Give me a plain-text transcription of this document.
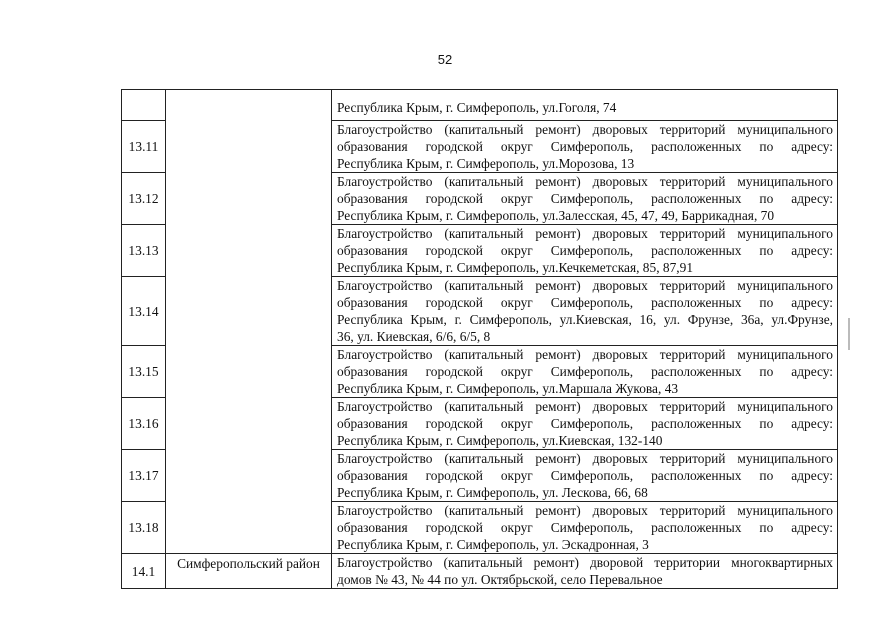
52

		Республика Крым, г. Симферополь, ул.Гоголя, 74

13.11		Благоустройство (капитальный ремонт) дворовых территорий муниципального
образования городской округ Симферополь, расположенных по адресу:
Республика Крым, г. Симферополь, ул.Морозова, 13

13.12		Благоустройство (капитальный ремонт) дворовых территорий муниципального
образования городской округ Симферополь, расположенных по адресу:
Республика Крым, г. Симферополь, ул.Залесская, 45, 47, 49, Баррикадная, 70

13.13		Благоустройство (капитальный ремонт) дворовых территорий муниципального
образования городской округ Симферополь, расположенных по адресу:
Республика Крым, г. Симферополь, ул.Кечкеметская, 85, 87,91

13.14		Благоустройство (капитальный ремонт) дворовых территорий муниципального
образования городской округ Симферополь, расположенных по адресу:
Республика Крым, г. Симферополь, ул.Киевская, 16, ул. Фрунзе, 36а, ул.Фрунзе,
36, ул. Киевская, 6/6, 6/5, 8

13.15		Благоустройство (капитальный ремонт) дворовых территорий муниципального
образования городской округ Симферополь, расположенных по адресу:
Республика Крым, г. Симферополь, ул.Маршала Жукова, 43

13.16		Благоустройство (капитальный ремонт) дворовых территорий муниципального
образования городской округ Симферополь, расположенных по адресу:
Республика Крым, г. Симферополь, ул.Киевская, 132-140

13.17		Благоустройство (капитальный ремонт) дворовых территорий муниципального
образования городской округ Симферополь, расположенных по адресу:
Республика Крым, г. Симферополь, ул. Лескова, 66, 68

13.18		Благоустройство (капитальный ремонт) дворовых территорий муниципального
образования городской округ Симферополь, расположенных по адресу:
Республика Крым, г. Симферополь, ул. Эскадронная, 3

14.1	Симферопольский район	Благоустройство (капитальный ремонт) дворовой территории многоквартирных
домов № 43, № 44 по ул. Октябрьской, село Перевальное
